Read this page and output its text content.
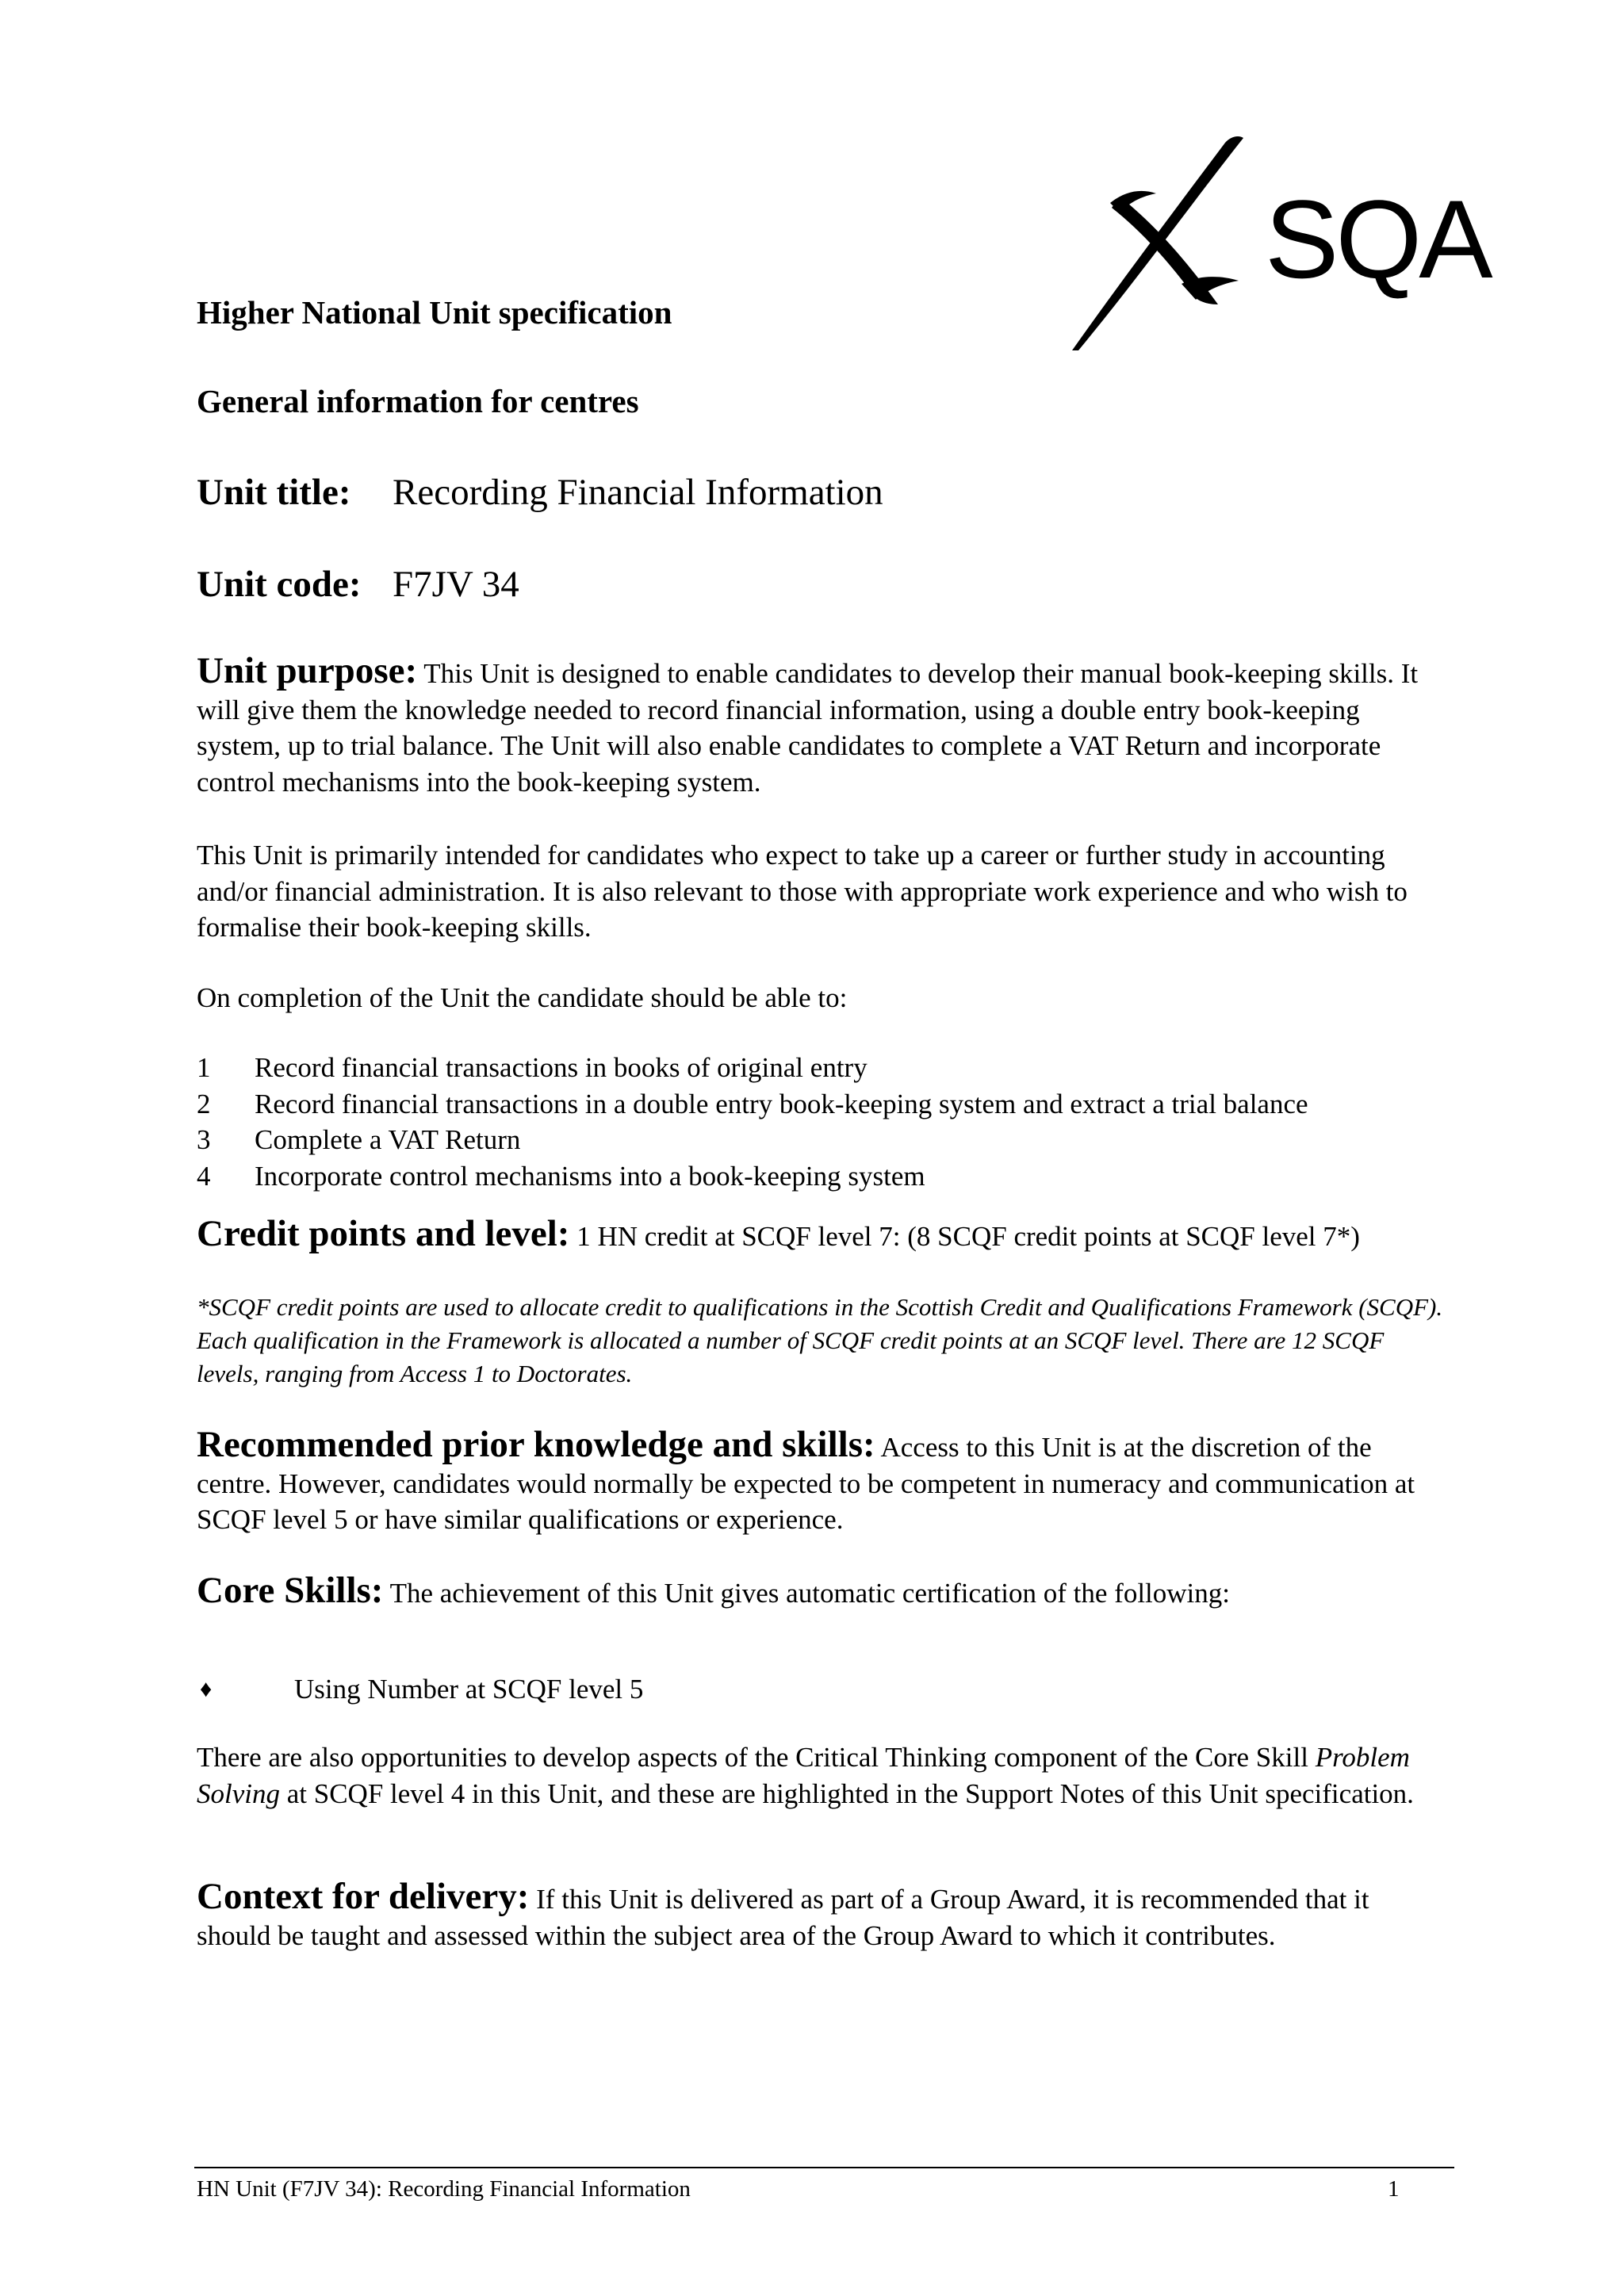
SQA
Higher National Unit specification
General information for centres
Unit title: Recording Financial Information
Unit code: F7JV 34
Unit purpose: This Unit is designed to enable candidates to develop their manual book-keeping skills. It will give them the knowledge needed to record financial information, using a double entry book-keeping system, up to trial balance. The Unit will also enable candidates to complete a VAT Return and incorporate control mechanisms into the book-keeping system.
This Unit is primarily intended for candidates who expect to take up a career or further study in accounting and/or financial administration. It is also relevant to those with appropriate work experience and who wish to formalise their book-keeping skills.
On completion of the Unit the candidate should be able to:
1 Record financial transactions in books of original entry
2 Record financial transactions in a double entry book-keeping system and extract a trial balance
3 Complete a VAT Return
4 Incorporate control mechanisms into a book-keeping system
Credit points and level: 1 HN credit at SCQF level 7: (8 SCQF credit points at SCQF level 7*)
*SCQF credit points are used to allocate credit to qualifications in the Scottish Credit and Qualifications Framework (SCQF). Each qualification in the Framework is allocated a number of SCQF credit points at an SCQF level. There are 12 SCQF levels, ranging from Access 1 to Doctorates.
Recommended prior knowledge and skills: Access to this Unit is at the discretion of the centre. However, candidates would normally be expected to be competent in numeracy and communication at SCQF level 5 or have similar qualifications or experience.
Core Skills: The achievement of this Unit gives automatic certification of the following:
♦	Using Number at SCQF level 5
There are also opportunities to develop aspects of the Critical Thinking component of the Core Skill Problem Solving at SCQF level 4 in this Unit, and these are highlighted in the Support Notes of this Unit specification.
Context for delivery: If this Unit is delivered as part of a Group Award, it is recommended that it should be taught and assessed within the subject area of the Group Award to which it contributes.
HN Unit (F7JV 34): Recording Financial Information	1
